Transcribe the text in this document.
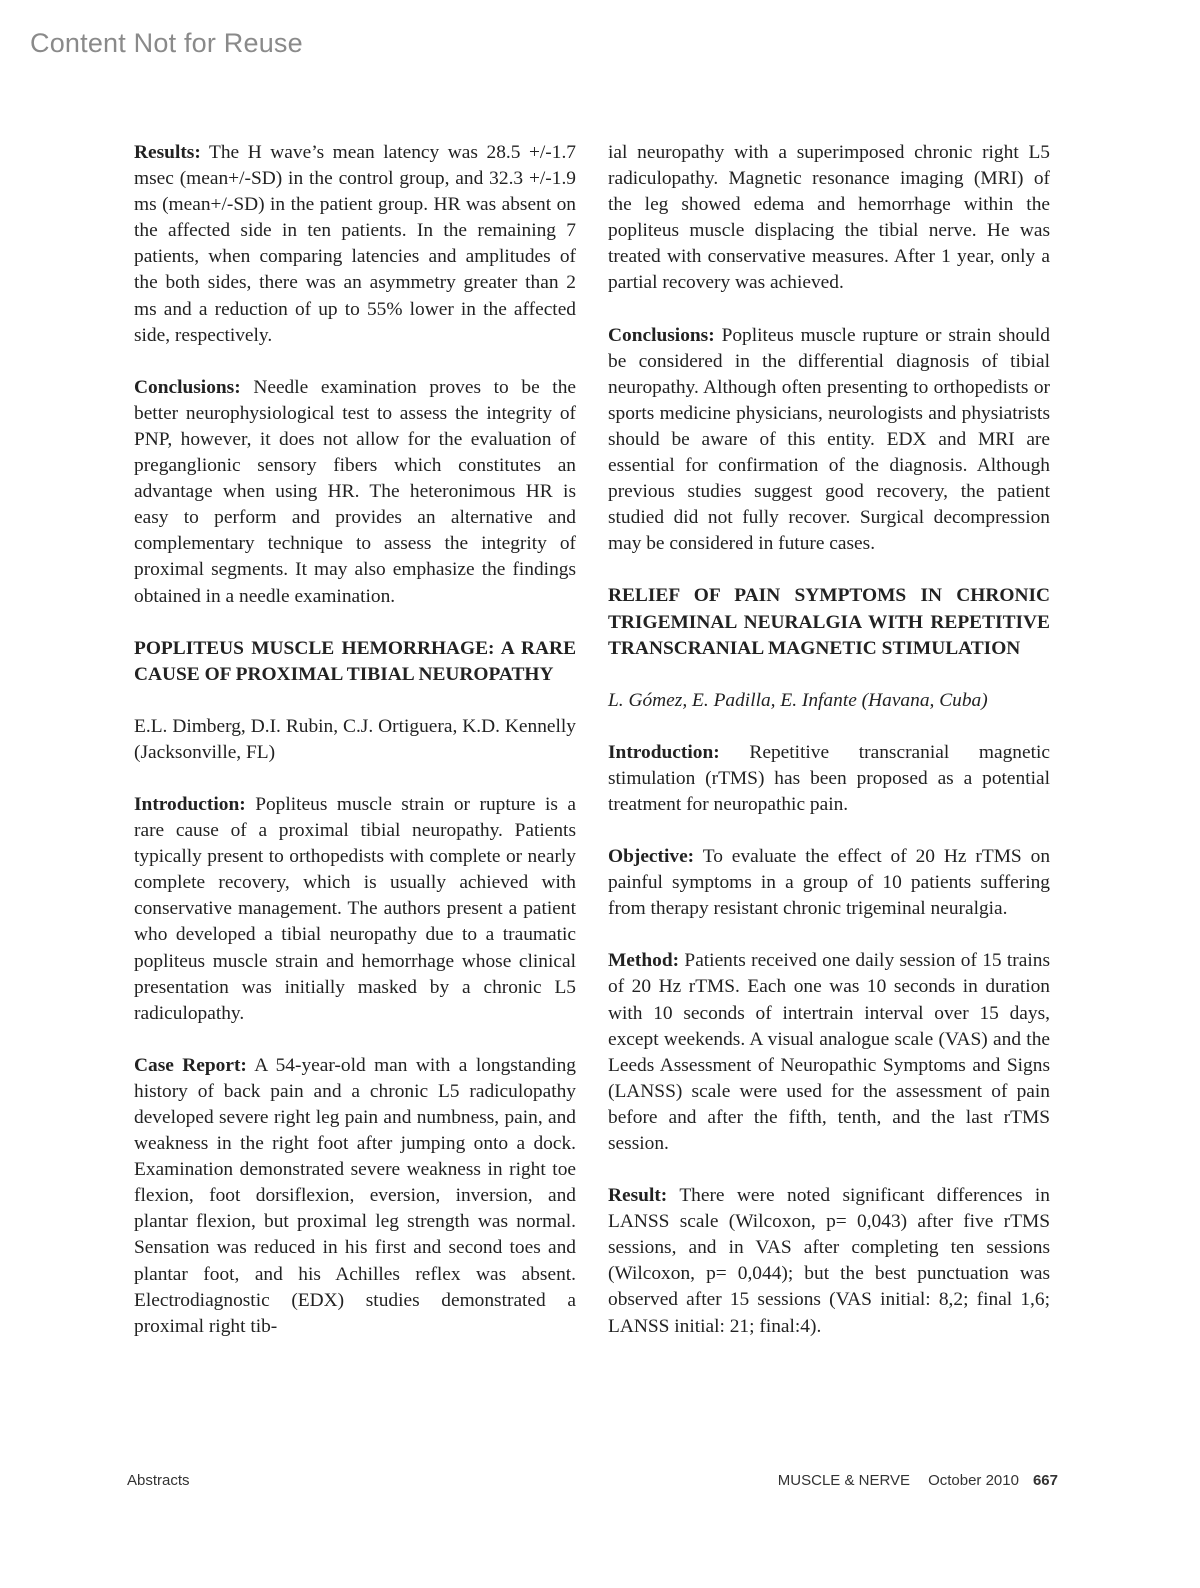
Content Not for Reuse

Results: The H wave’s mean latency was 28.5 +/-1.7 msec (mean+/-SD) in the control group, and 32.3 +/-1.9 ms (mean+/-SD) in the patient group. HR was absent on the affected side in ten patients. In the remaining 7 patients, when comparing latencies and amplitudes of the both sides, there was an asymmetry greater than 2 ms and a reduction of up to 55% lower in the affected side, respectively.

Conclusions: Needle examination proves to be the better neurophysiological test to assess the integrity of PNP, however, it does not allow for the evaluation of preganglionic sensory fibers which constitutes an advantage when using HR. The heteronimous HR is easy to perform and provides an alternative and complementary technique to assess the integrity of proximal segments. It may also emphasize the findings obtained in a needle examination.

POPLITEUS MUSCLE HEMORRHAGE: A RARE CAUSE OF PROXIMAL TIBIAL NEUROPATHY
E.L. Dimberg, D.I. Rubin, C.J. Ortiguera, K.D. Kennelly (Jacksonville, FL)

Introduction: Popliteus muscle strain or rupture is a rare cause of a proximal tibial neuropathy. Patients typically present to orthopedists with complete or nearly complete recovery, which is usually achieved with conservative management. The authors present a patient who developed a tibial neuropathy due to a traumatic popliteus muscle strain and hemorrhage whose clinical presentation was initially masked by a chronic L5 radiculopathy.

Case Report: A 54-year-old man with a longstanding history of back pain and a chronic L5 radiculopathy developed severe right leg pain and numbness, pain, and weakness in the right foot after jumping onto a dock. Examination demonstrated severe weakness in right toe flexion, foot dorsiflexion, eversion, inversion, and plantar flexion, but proximal leg strength was normal. Sensation was reduced in his first and second toes and plantar foot, and his Achilles reflex was absent. Electrodiagnostic (EDX) studies demonstrated a proximal right tib-

ial neuropathy with a superimposed chronic right L5 radiculopathy. Magnetic resonance imaging (MRI) of the leg showed edema and hemorrhage within the popliteus muscle displacing the tibial nerve. He was treated with conservative measures. After 1 year, only a partial recovery was achieved.

Conclusions: Popliteus muscle rupture or strain should be considered in the differential diagnosis of tibial neuropathy. Although often presenting to orthopedists or sports medicine physicians, neurologists and physiatrists should be aware of this entity. EDX and MRI are essential for confirmation of the diagnosis. Although previous studies suggest good recovery, the patient studied did not fully recover. Surgical decompression may be considered in future cases.

RELIEF OF PAIN SYMPTOMS IN CHRONIC TRIGEMINAL NEURALGIA WITH REPETITIVE TRANSCRANIAL MAGNETIC STIMULATION
L. Gómez, E. Padilla, E. Infante (Havana, Cuba)

Introduction: Repetitive transcranial magnetic stimulation (rTMS) has been proposed as a potential treatment for neuropathic pain.

Objective: To evaluate the effect of 20 Hz rTMS on painful symptoms in a group of 10 patients suffering from therapy resistant chronic trigeminal neuralgia.

Method: Patients received one daily session of 15 trains of 20 Hz rTMS. Each one was 10 seconds in duration with 10 seconds of intertrain interval over 15 days, except weekends. A visual analogue scale (VAS) and the Leeds Assessment of Neuropathic Symptoms and Signs (LANSS) scale were used for the assessment of pain before and after the fifth, tenth, and the last rTMS session.

Result: There were noted significant differences in LANSS scale (Wilcoxon, p= 0,043) after five rTMS sessions, and in VAS after completing ten sessions (Wilcoxon, p= 0,044); but the best punctuation was observed after 15 sessions (VAS initial: 8,2; final 1,6; LANSS initial: 21; final:4).

Abstracts	MUSCLE & NERVE October 2010 667
